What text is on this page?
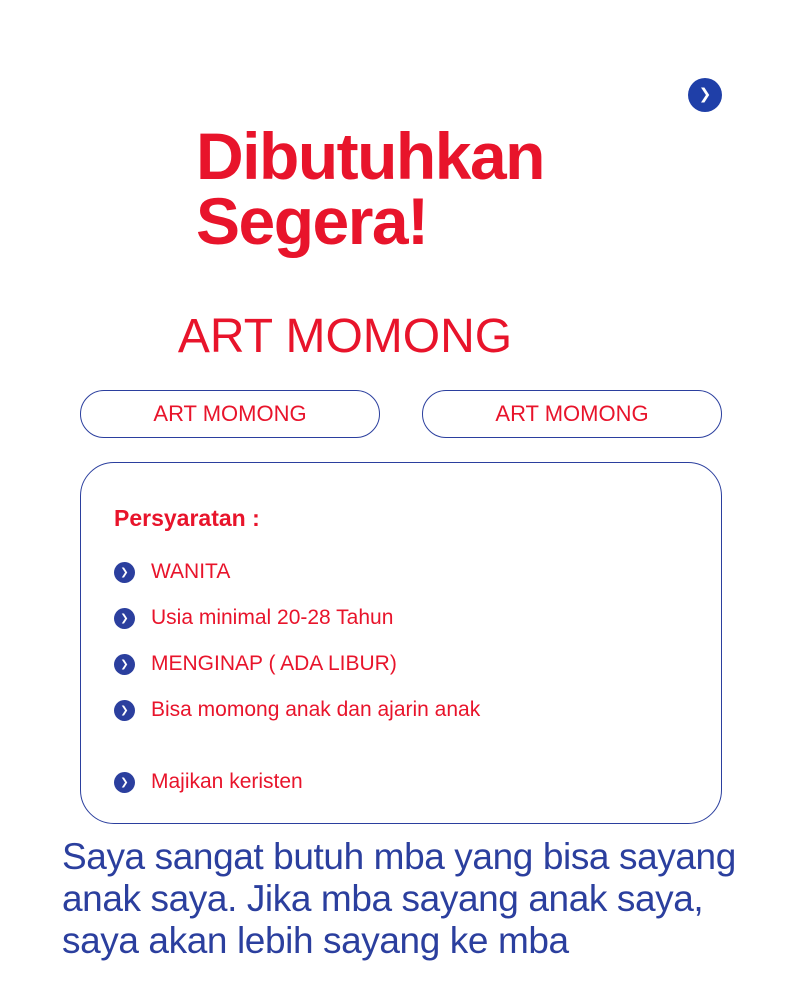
❯
Dibutuhkan
Segera!
ART MOMONG
ART MOMONG	ART MOMONG
Persyaratan :
❯	WANITA
❯	Usia minimal 20-28 Tahun
❯	MENGINAP ( ADA LIBUR)
❯	Bisa momong anak dan ajarin anak
❯	Majikan keristen
Saya sangat butuh mba yang bisa sayang anak saya. Jika mba sayang anak saya, saya akan lebih sayang ke mba
